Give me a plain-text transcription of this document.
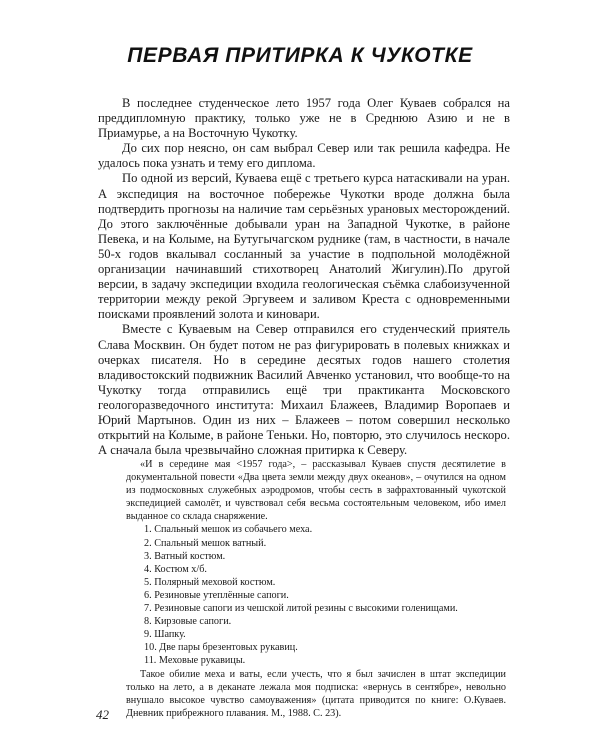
ПЕРВАЯ ПРИТИРКА К ЧУКОТКЕ

В последнее студенческое лето 1957 года Олег Куваев собрался на преддипломную практику, только уже не в Среднюю Азию и не в Приамурье, а на Восточную Чукотку.

До сих пор неясно, он сам выбрал Север или так решила кафедра. Не удалось пока узнать и тему его диплома.

По одной из версий, Куваева ещё с третьего курса натаскивали на уран. А экспедиция на восточное побережье Чукотки вроде должна была подтвердить прогнозы на наличие там серьёзных урановых месторождений. До этого заключённые добывали уран на Западной Чукотке, в районе Певека, и на Колыме, на Бутугычагском руднике (там, в частности, в начале 50-х годов вкалывал сосланный за участие в подпольной молодёжной организации начинавший стихотворец Анатолий Жигулин).По другой версии, в задачу экспедиции входила геологическая съёмка слабоизученной территории между рекой Эргувеем и заливом Креста с одновременными поисками проявлений золота и киновари.

Вместе с Куваевым на Север отправился его студенческий приятель Слава Москвин. Он будет потом не раз фигурировать в полевых книжках и очерках писателя. Но в середине десятых годов нашего столетия владивостокский подвижник Василий Авченко установил, что вообще-то на Чукотку тогда отправились ещё три практиканта Московского геологоразведочного института: Михаил Блажеев, Владимир Воропаев и Юрий Мартынов. Один из них – Блажеев – потом совершил несколько открытий на Колыме, в районе Теньки. Но, повторю, это случилось нескоро. А сначала была чрезвычайно сложная притирка к Северу.

«И в середине мая <1957 года>, – рассказывал Куваев спустя десятилетие в документальной повести «Два цвета земли между двух океанов», – очутился на одном из подмосковных служебных аэродромов, чтобы сесть в зафрахтованный чукотской экспедицией самолёт, и чувствовал себя весьма состоятельным человеком, ибо имел выданное со склада снаряжение.

1. Спальный мешок из собачьего меха.
2. Спальный мешок ватный.
3. Ватный костюм.
4. Костюм х/б.
5. Полярный меховой костюм.
6. Резиновые утеплённые сапоги.
7. Резиновые сапоги из чешской литой резины с высокими голенищами.
8. Кирзовые сапоги.
9. Шапку.
10. Две пары брезентовых рукавиц.
11. Меховые рукавицы.

Такое обилие меха и ваты, если учесть, что я был зачислен в штат экспедиции только на лето, а в деканате лежала моя подписка: «вернусь в сентябре», невольно внушало высокое чувство самоуважения» (цитата приводится по книге: О.Куваев. Дневник прибрежного плавания. М., 1988. С. 23).

42
